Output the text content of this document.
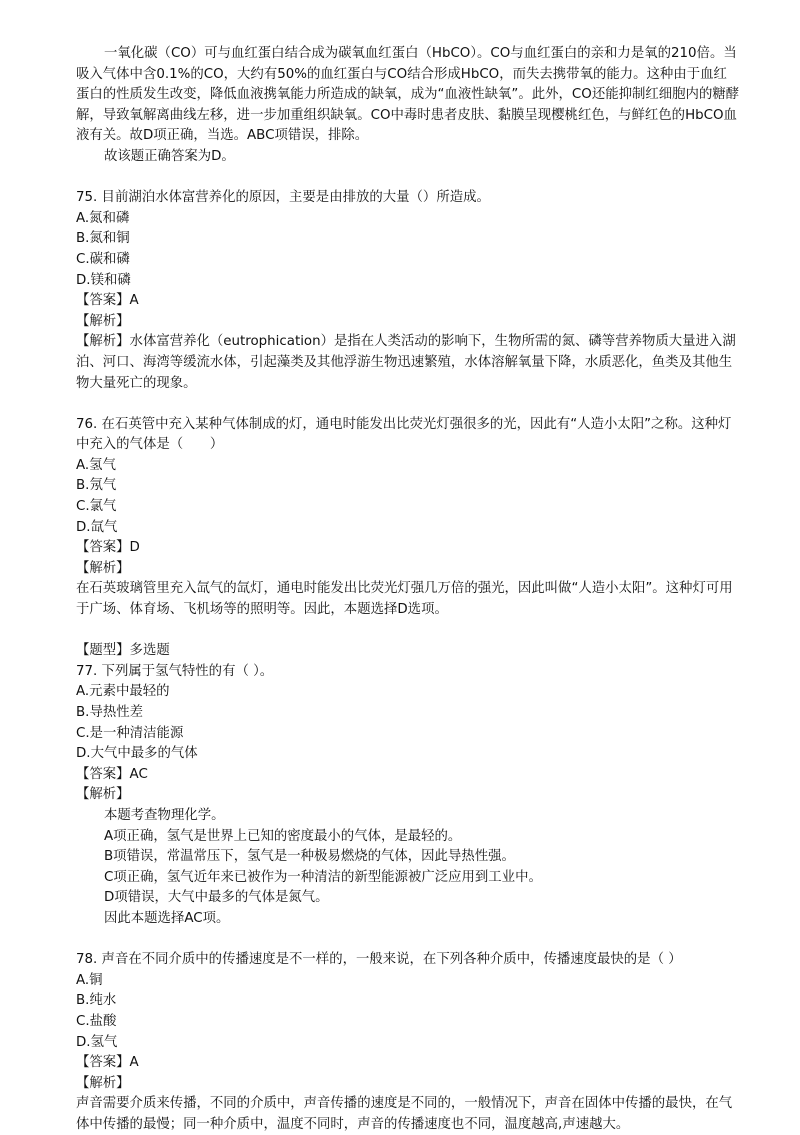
一氧化碳（CO）可与血红蛋白结合成为碳氧血红蛋白（HbCO）。CO与血红蛋白的亲和力是氧的210倍。当吸入气体中含0.1%的CO，大约有50%的血红蛋白与CO结合形成HbCO，而失去携带氧的能力。这种由于血红蛋白的性质发生改变，降低血液携氧能力所造成的缺氧，成为“血液性缺氧”。此外，CO还能抑制红细胞内的糖酵解，导致氧解离曲线左移，进一步加重组织缺氧。CO中毒时患者皮肤、黏膜呈现樱桃红色，与鲜红色的HbCO血液有关。故D项正确，当选。ABC项错误，排除。

故该题正确答案为D。

75. 目前湖泊水体富营养化的原因，主要是由排放的大量（）所造成。

A.氮和磷

B.氮和铜

C.碳和磷

D.镁和磷

【答案】A

【解析】

【解析】水体富营养化（eutrophication）是指在人类活动的影响下，生物所需的氮、磷等营养物质大量进入湖泊、河口、海湾等缓流水体，引起藻类及其他浮游生物迅速繁殖，水体溶解氧量下降，水质恶化，鱼类及其他生物大量死亡的现象。

76. 在石英管中充入某种气体制成的灯，通电时能发出比荧光灯强很多的光，因此有“人造小太阳”之称。这种灯中充入的气体是（　　）

A.氢气

B.氖气

C.氯气

D.氙气

【答案】D

【解析】

在石英玻璃管里充入氙气的氙灯，通电时能发出比荧光灯强几万倍的强光，因此叫做“人造小太阳”。这种灯可用于广场、体育场、飞机场等的照明等。因此，本题选择D选项。

【题型】多选题

77. 下列属于氢气特性的有（ ）。

A.元素中最轻的

B.导热性差

C.是一种清洁能源

D.大气中最多的气体

【答案】AC

【解析】

本题考查物理化学。

A项正确，氢气是世界上已知的密度最小的气体，是最轻的。

B项错误，常温常压下，氢气是一种极易燃烧的气体，因此导热性强。

C项正确，氢气近年来已被作为一种清洁的新型能源被广泛应用到工业中。

D项错误，大气中最多的气体是氮气。

因此本题选择AC项。

78. 声音在不同介质中的传播速度是不一样的，一般来说，在下列各种介质中，传播速度最快的是（ ）

A.铜

B.纯水

C.盐酸

D.氢气

【答案】A

【解析】

声音需要介质来传播，不同的介质中，声音传播的速度是不同的，一般情况下，声音在固体中传播的最快，在气体中传播的最慢；同一种介质中，温度不同时，声音的传播速度也不同，温度越高,声速越大。
